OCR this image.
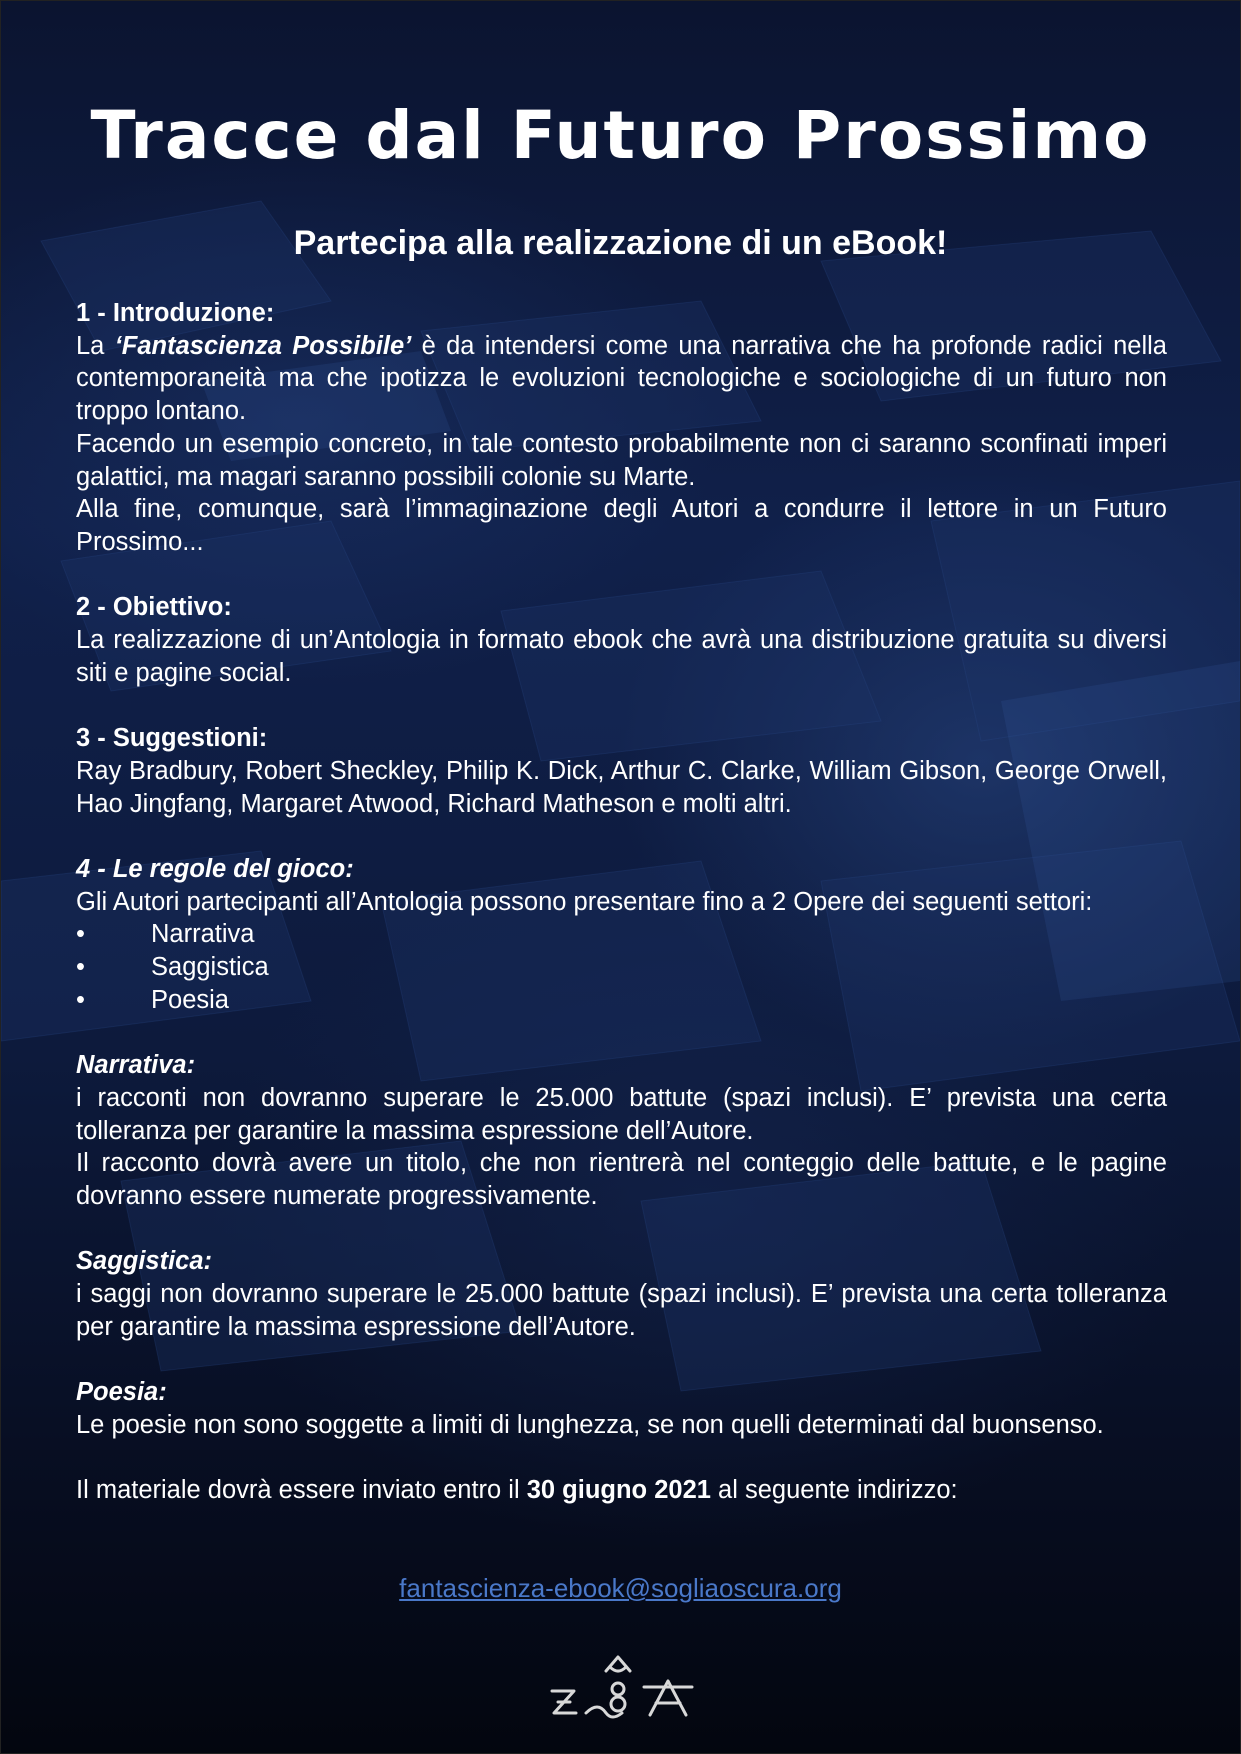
Tracce dal Futuro Prossimo
Partecipa alla realizzazione di un eBook!
1 - Introduzione:

La ‘Fantascienza Possibile’ è da intendersi come una narrativa che ha profonde radici nella contemporaneità ma che ipotizza le evoluzioni tecnologiche e sociologiche di un futuro non troppo lontano.

Facendo un esempio concreto, in tale contesto probabilmente non ci saranno sconfinati imperi galattici, ma magari saranno possibili colonie su Marte.

Alla fine, comunque, sarà l’immaginazione degli Autori a condurre il lettore in un Futuro Prossimo...

2 - Obiettivo:

La realizzazione di un’Antologia in formato ebook che avrà una distribuzione gratuita su diversi siti e pagine social.

3 - Suggestioni:

Ray Bradbury, Robert Sheckley, Philip K. Dick, Arthur C. Clarke, William Gibson, George Orwell, Hao Jingfang, Margaret Atwood, Richard Matheson e molti altri.

4 - Le regole del gioco:

Gli Autori partecipanti all’Antologia possono presentare fino a 2 Opere dei seguenti settori:

•	Narrativa
•	Saggistica
•	Poesia
Narrativa:

i racconti non dovranno superare le 25.000 battute (spazi inclusi). E’ prevista una certa tolleranza per garantire la massima espressione dell’Autore.

Il racconto dovrà avere un titolo, che non rientrerà nel conteggio delle battute, e le pagine dovranno essere numerate progressivamente.

Saggistica:

i saggi non dovranno superare le 25.000 battute (spazi inclusi). E’ prevista una certa tolleranza per garantire la massima espressione dell’Autore.

Poesia:

Le poesie non sono soggette a limiti di lunghezza, se non quelli determinati dal buonsenso.

Il materiale dovrà essere inviato entro il 30 giugno 2021 al seguente indirizzo:

fantascienza-ebook@sogliaoscura.org
